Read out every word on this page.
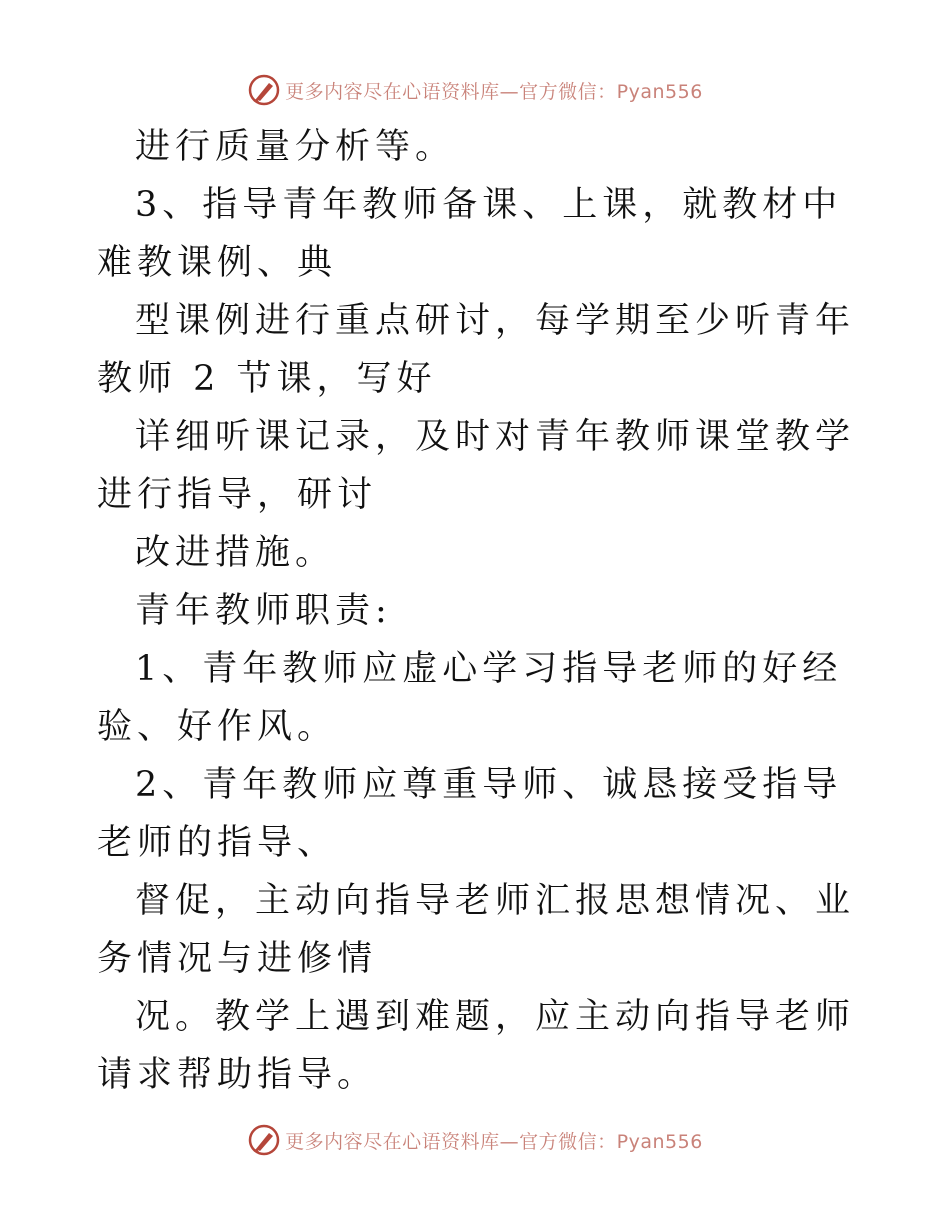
更多内容尽在心语资料库—官方微信：Pyan556

进行质量分析等。

3、指导青年教师备课、上课，就教材中难教课例、典

型课例进行重点研讨，每学期至少听青年教师 2 节课，写好

详细听课记录，及时对青年教师课堂教学进行指导，研讨

改进措施。

青年教师职责:

1、青年教师应虚心学习指导老师的好经验、好作风。

2、青年教师应尊重导师、诚恳接受指导老师的指导、

督促，主动向指导老师汇报思想情况、业务情况与进修情

况。教学上遇到难题，应主动向指导老师请求帮助指导。

更多内容尽在心语资料库—官方微信：Pyan556
